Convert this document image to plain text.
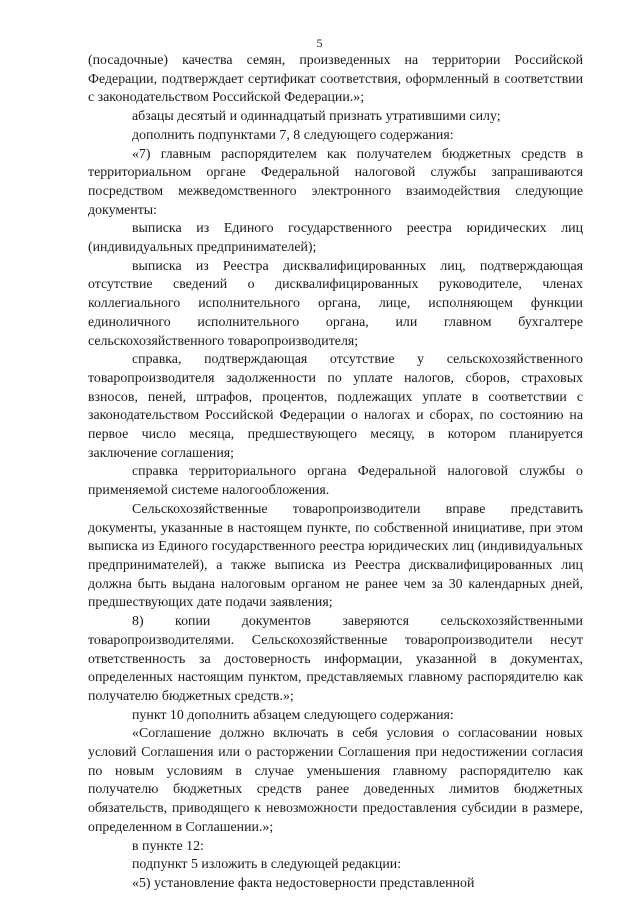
5

(посадочные) качества семян, произведенных на территории Российской Федерации, подтверждает сертификат соответствия, оформленный в соответствии с законодательством Российской Федерации.»;

абзацы десятый и одиннадцатый признать утратившими силу;

дополнить подпунктами 7, 8 следующего содержания:

«7) главным распорядителем как получателем бюджетных средств в территориальном органе Федеральной налоговой службы запрашиваются посредством межведомственного электронного взаимодействия следующие документы:

выписка из Единого государственного реестра юридических лиц (индивидуальных предпринимателей);

выписка из Реестра дисквалифицированных лиц, подтверждающая отсутствие сведений о дисквалифицированных руководителе, членах коллегиального исполнительного органа, лице, исполняющем функции единоличного исполнительного органа, или главном бухгалтере сельскохозяйственного товаропроизводителя;

справка, подтверждающая отсутствие у сельскохозяйственного товаропроизводителя задолженности по уплате налогов, сборов, страховых взносов, пеней, штрафов, процентов, подлежащих уплате в соответствии с законодательством Российской Федерации о налогах и сборах, по состоянию на первое число месяца, предшествующего месяцу, в котором планируется заключение соглашения;

справка территориального органа Федеральной налоговой службы о применяемой системе налогообложения.

Сельскохозяйственные товаропроизводители вправе представить документы, указанные в настоящем пункте, по собственной инициативе, при этом выписка из Единого государственного реестра юридических лиц (индивидуальных предпринимателей), а также выписка из Реестра дисквалифицированных лиц должна быть выдана налоговым органом не ранее чем за 30 календарных дней, предшествующих дате подачи заявления;

8) копии документов заверяются сельскохозяйственными товаропроизводителями. Сельскохозяйственные товаропроизводители несут ответственность за достоверность информации, указанной в документах, определенных настоящим пунктом, представляемых главному распорядителю как получателю бюджетных средств.»;

пункт 10 дополнить абзацем следующего содержания:

«Соглашение должно включать в себя условия о согласовании новых условий Соглашения или о расторжении Соглашения при недостижении согласия по новым условиям в случае уменьшения главному распорядителю как получателю бюджетных средств ранее доведенных лимитов бюджетных обязательств, приводящего к невозможности предоставления субсидии в размере, определенном в Соглашении.»;

в пункте 12:

подпункт 5 изложить в следующей редакции:

«5) установление факта недостоверности представленной
